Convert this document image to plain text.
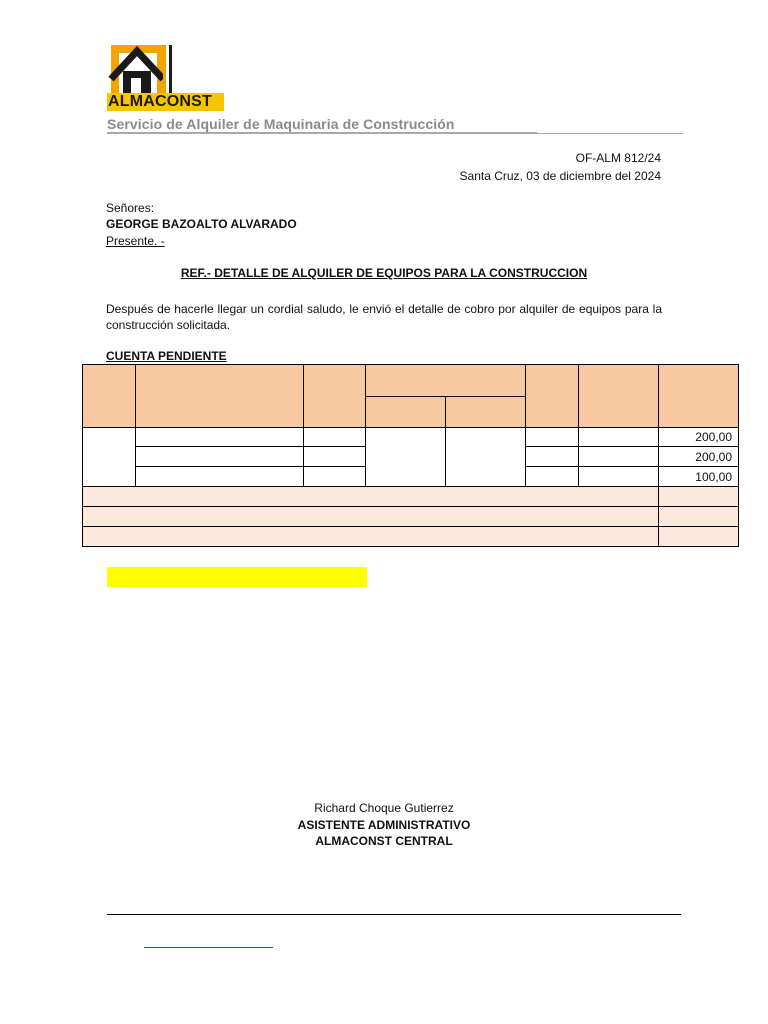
ALMACONST
Servicio de Alquiler de Maquinaria de Construcción
OF-ALM 812/24
Santa Cruz, 03 de diciembre del 2024
Señores:
GEORGE BAZOALTO ALVARADO
Presente. -
REF.- DETALLE DE ALQUILER DE EQUIPOS PARA LA CONSTRUCCION
Después de hacerle llegar un cordial saludo, le envió el detalle de cobro por alquiler de equipos para la construcción solicitada.
CUENTA PENDIENTE

							200,00
							200,00
							100,00

Richard Choque Gutierrez
ASISTENTE ADMINISTRATIVO
ALMACONST CENTRAL
